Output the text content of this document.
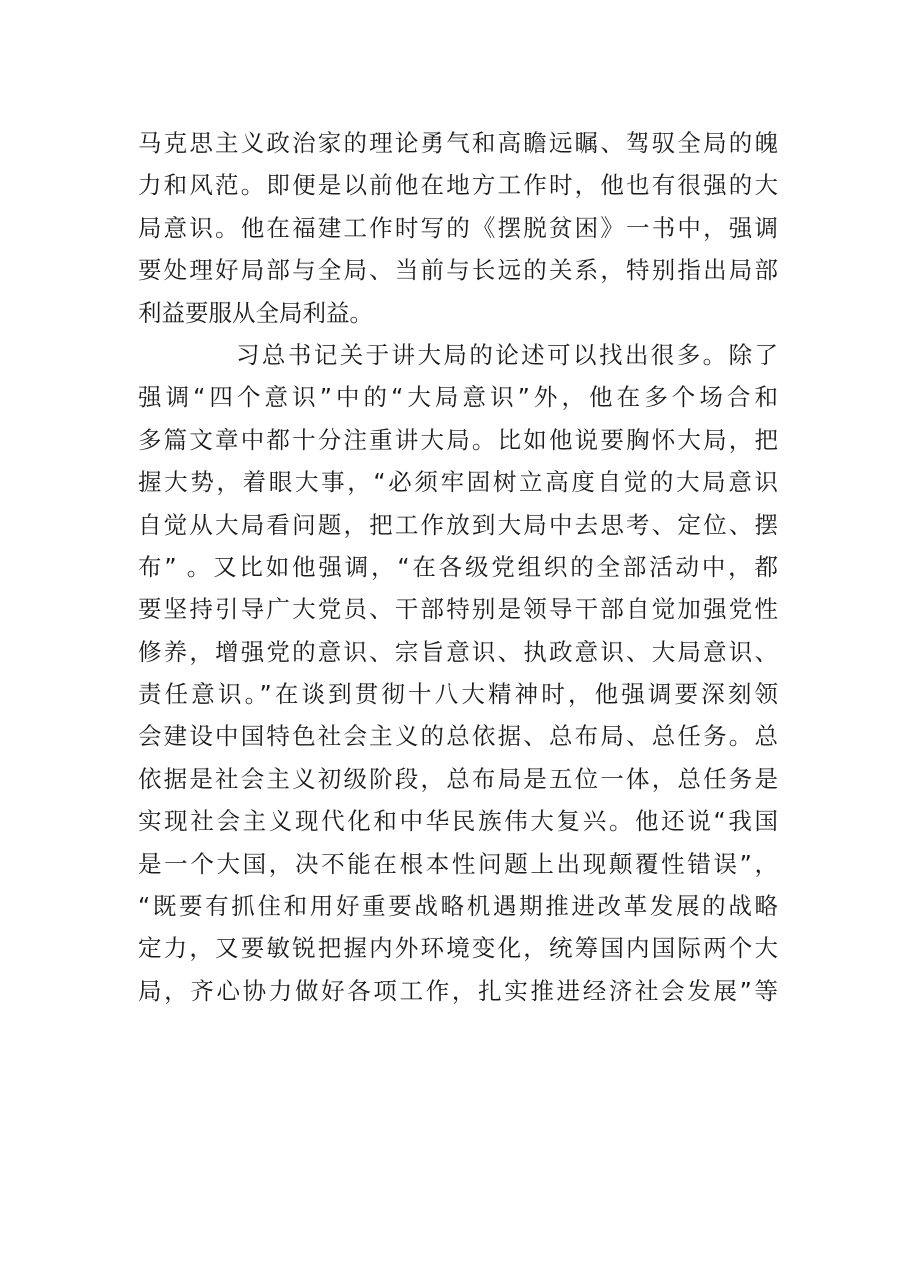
马克思主义政治家的理论勇气和高瞻远瞩、驾驭全局的魄
力和风范。即便是以前他在地方工作时，他也有很强的大
局意识。他在福建工作时写的《摆脱贫困》一书中，强调
要处理好局部与全局、当前与长远的关系，特别指出局部
利益要服从全局利益。
习总书记关于讲大局的论述可以找出很多。除了
强调“四个意识”中的“大局意识”外，他在多个场合和
多篇文章中都十分注重讲大局。比如他说要胸怀大局，把
握大势，着眼大事，“必须牢固树立高度自觉的大局意识
自觉从大局看问题，把工作放到大局中去思考、定位、摆
布” 。又比如他强调，“在各级党组织的全部活动中，都
要坚持引导广大党员、干部特别是领导干部自觉加强党性
修养，增强党的意识、宗旨意识、执政意识、大局意识、
责任意识。”在谈到贯彻十八大精神时，他强调要深刻领
会建设中国特色社会主义的总依据、总布局、总任务。总
依据是社会主义初级阶段，总布局是五位一体，总任务是
实现社会主义现代化和中华民族伟大复兴。他还说“我国
是一个大国，决不能在根本性问题上出现颠覆性错误”，
“既要有抓住和用好重要战略机遇期推进改革发展的战略
定力，又要敏锐把握内外环境变化，统筹国内国际两个大
局，齐心协力做好各项工作，扎实推进经济社会发展”等
